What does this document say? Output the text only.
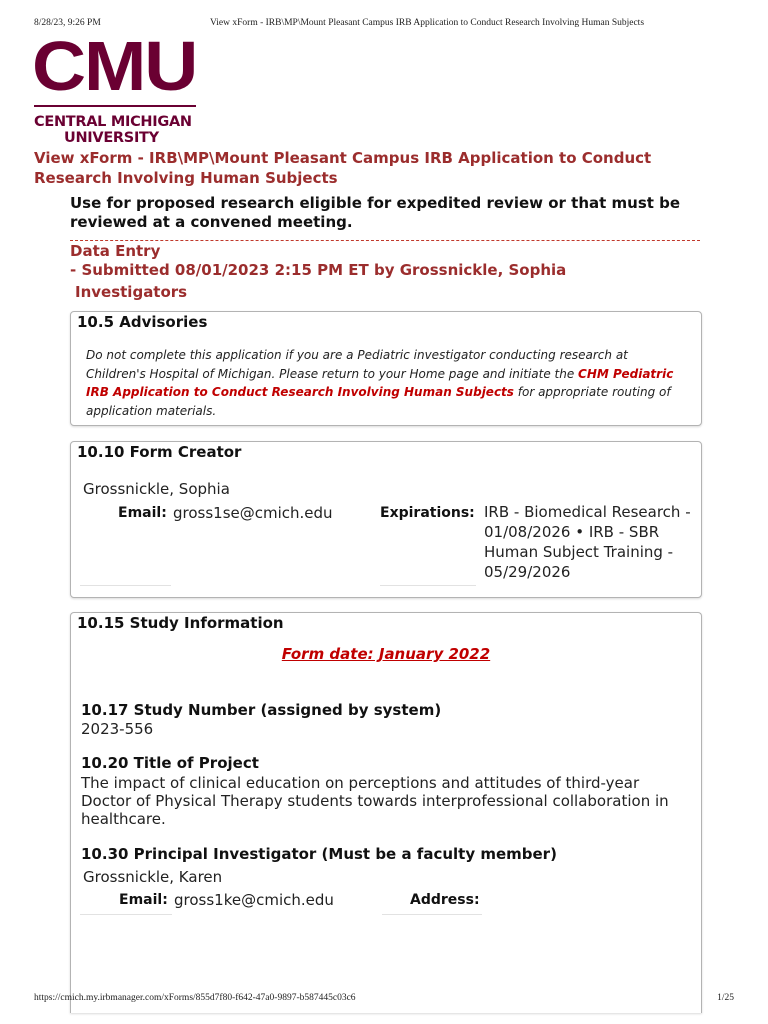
8/28/23, 9:26 PM	View xForm - IRB\MP\Mount Pleasant Campus IRB Application to Conduct Research Involving Human Subjects
CMU
CENTRAL MICHIGAN
UNIVERSITY
View xForm - IRB\MP\Mount Pleasant Campus IRB Application to Conduct Research Involving Human Subjects
Use for proposed research eligible for expedited review or that must be reviewed at a convened meeting.
Data Entry
- Submitted 08/01/2023 2:15 PM ET by Grossnickle, Sophia
Investigators
10.5 Advisories
Do not complete this application if you are a Pediatric investigator conducting research at Children's Hospital of Michigan. Please return to your Home page and initiate the CHM Pediatric IRB Application to Conduct Research Involving Human Subjects for appropriate routing of application materials.
10.10 Form Creator
Grossnickle, Sophia
Email: gross1se@cmich.edu	Expirations: IRB - Biomedical Research - 01/08/2026 • IRB - SBR Human Subject Training - 05/29/2026
10.15 Study Information
Form date: January 2022
10.17 Study Number (assigned by system)
2023-556
10.20 Title of Project
The impact of clinical education on perceptions and attitudes of third-year Doctor of Physical Therapy students towards interprofessional collaboration in healthcare.
10.30 Principal Investigator (Must be a faculty member)
Grossnickle, Karen
Email: gross1ke@cmich.edu	Address:
https://cmich.my.irbmanager.com/xForms/855d7f80-f642-47a0-9897-b587445c03c6	1/25
